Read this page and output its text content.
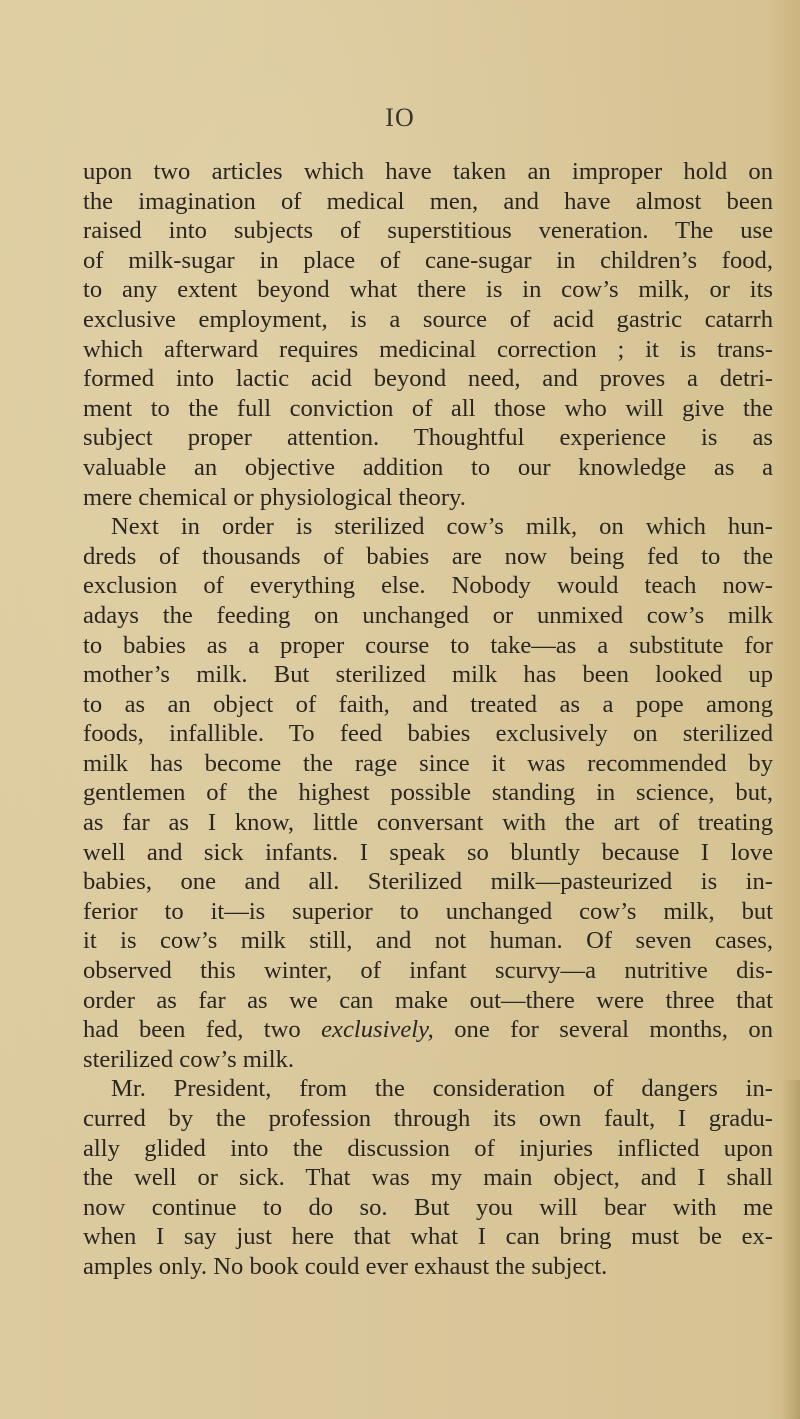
IO
upon two articles which have taken an improper hold on
the imagination of medical men, and have almost been
raised into subjects of superstitious veneration. The use
of milk-sugar in place of cane-sugar in children’s food,
to any extent beyond what there is in cow’s milk, or its
exclusive employment, is a source of acid gastric catarrh
which afterward requires medicinal correction ; it is trans-
formed into lactic acid beyond need, and proves a detri-
ment to the full conviction of all those who will give the
subject proper attention. Thoughtful experience is as
valuable an objective addition to our knowledge as a
mere chemical or physiological theory.
Next in order is sterilized cow’s milk, on which hun-
dreds of thousands of babies are now being fed to the
exclusion of everything else. Nobody would teach now-
adays the feeding on unchanged or unmixed cow’s milk
to babies as a proper course to take—as a substitute for
mother’s milk. But sterilized milk has been looked up
to as an object of faith, and treated as a pope among
foods, infallible. To feed babies exclusively on sterilized
milk has become the rage since it was recommended by
gentlemen of the highest possible standing in science, but,
as far as I know, little conversant with the art of treating
well and sick infants. I speak so bluntly because I love
babies, one and all. Sterilized milk—pasteurized is in-
ferior to it—is superior to unchanged cow’s milk, but
it is cow’s milk still, and not human. Of seven cases,
observed this winter, of infant scurvy—a nutritive dis-
order as far as we can make out—there were three that
had been fed, two exclusively, one for several months, on
sterilized cow’s milk.
Mr. President, from the consideration of dangers in-
curred by the profession through its own fault, I gradu-
ally glided into the discussion of injuries inflicted upon
the well or sick. That was my main object, and I shall
now continue to do so. But you will bear with me
when I say just here that what I can bring must be ex-
amples only. No book could ever exhaust the subject.
